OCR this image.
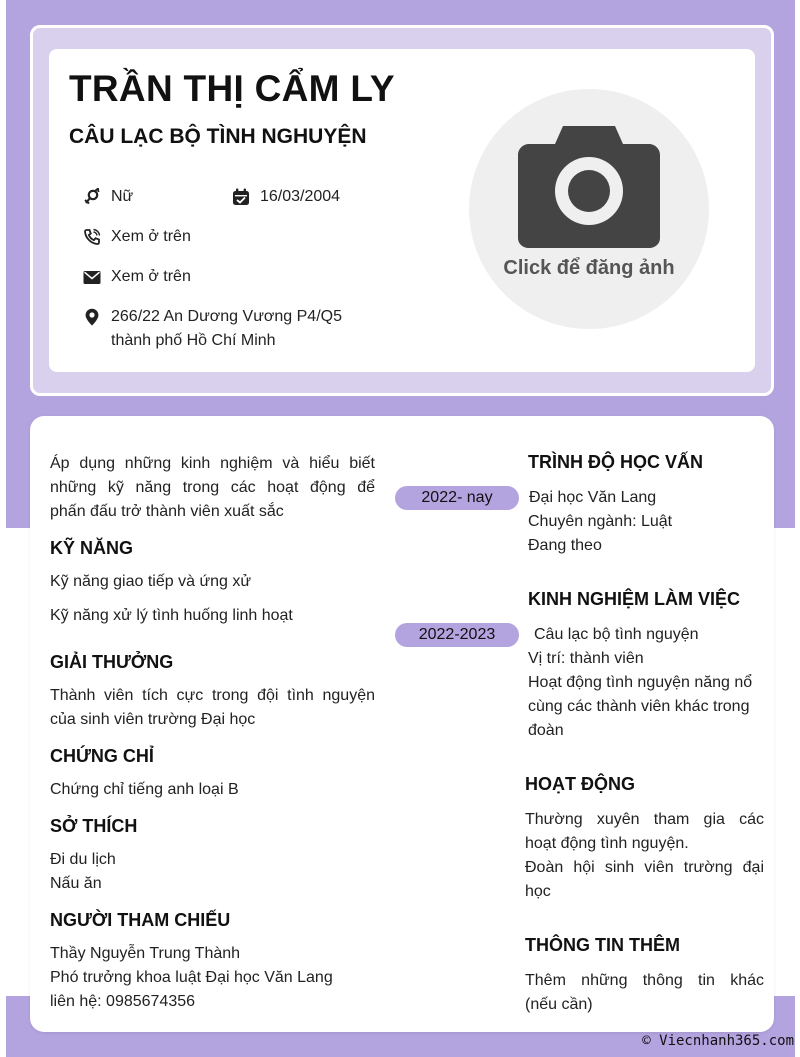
TRẦN THỊ CẨM LY
CÂU LẠC BỘ TÌNH NGHUYỆN
Nữ	16/03/2004
Xem ở trên
Xem ở trên
266/22 An Dương Vương P4/Q5
thành phố Hồ Chí Minh
Click để đăng ảnh
Áp dụng những kinh nghiệm và hiểu biết
những kỹ năng trong các hoạt động để
phấn đấu trở thành viên xuất sắc
KỸ NĂNG
Kỹ năng giao tiếp và ứng xử
Kỹ năng xử lý tình huống linh hoạt
GIẢI THƯỞNG
Thành viên tích cực trong đội tình nguyện
của sinh viên trường Đại học
CHỨNG CHỈ
Chứng chỉ tiếng anh loại B
SỞ THÍCH
Đi du lịch
Nấu ăn
NGƯỜI THAM CHIẾU
Thầy Nguyễn Trung Thành
Phó trưởng khoa luật Đại học Văn Lang
liên hệ: 0985674356
TRÌNH ĐỘ HỌC VẤN
2022- nay	Đại học Văn Lang
Chuyên ngành: Luật
Đang theo
KINH NGHIỆM LÀM VIỆC
2022-2023	Câu lạc bộ tình nguyện
Vị trí: thành viên
Hoạt động tình nguyện năng nổ
cùng các thành viên khác trong
đoàn
HOẠT ĐỘNG
Thường xuyên tham gia các
hoạt động tình nguyện.
Đoàn hội sinh viên trường đại
học
THÔNG TIN THÊM
Thêm những thông tin khác
(nếu cần)
© Viecnhanh365.com
